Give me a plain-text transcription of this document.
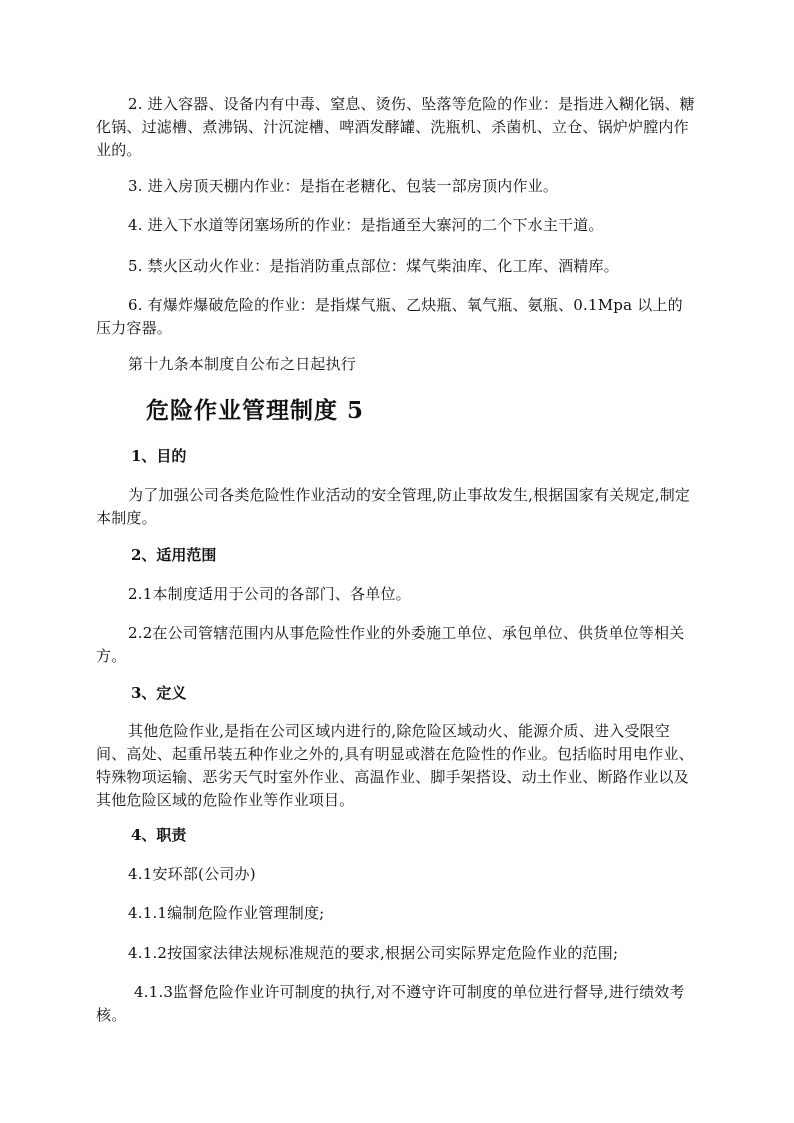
2. 进入容器、设备内有中毒、窒息、烫伤、坠落等危险的作业：是指进入糊化锅、糖化锅、过滤槽、煮沸锅、汁沉淀槽、啤酒发酵罐、洗瓶机、杀菌机、立仓、锅炉炉膛内作业的。

3. 进入房顶天棚内作业：是指在老糖化、包装一部房顶内作业。

4. 进入下水道等闭塞场所的作业：是指通至大寨河的二个下水主干道。

5. 禁火区动火作业：是指消防重点部位：煤气柴油库、化工库、酒精库。

6. 有爆炸爆破危险的作业：是指煤气瓶、乙炔瓶、氧气瓶、氨瓶、0.1Mpa 以上的压力容器。

第十九条本制度自公布之日起执行

危险作业管理制度 5
1、目的

为了加强公司各类危险性作业活动的安全管理,防止事故发生,根据国家有关规定,制定本制度。

2、适用范围

2.1本制度适用于公司的各部门、各单位。

2.2在公司管辖范围内从事危险性作业的外委施工单位、承包单位、供货单位等相关方。

3、定义

其他危险作业,是指在公司区域内进行的,除危险区域动火、能源介质、进入受限空间、高处、起重吊装五种作业之外的,具有明显或潜在危险性的作业。包括临时用电作业、特殊物项运输、恶劣天气时室外作业、高温作业、脚手架搭设、动土作业、断路作业以及其他危险区域的危险作业等作业项目。

4、职责

4.1安环部(公司办)

4.1.1编制危险作业管理制度;

4.1.2按国家法律法规标准规范的要求,根据公司实际界定危险作业的范围;

4.1.3监督危险作业许可制度的执行,对不遵守许可制度的单位进行督导,进行绩效考核。
